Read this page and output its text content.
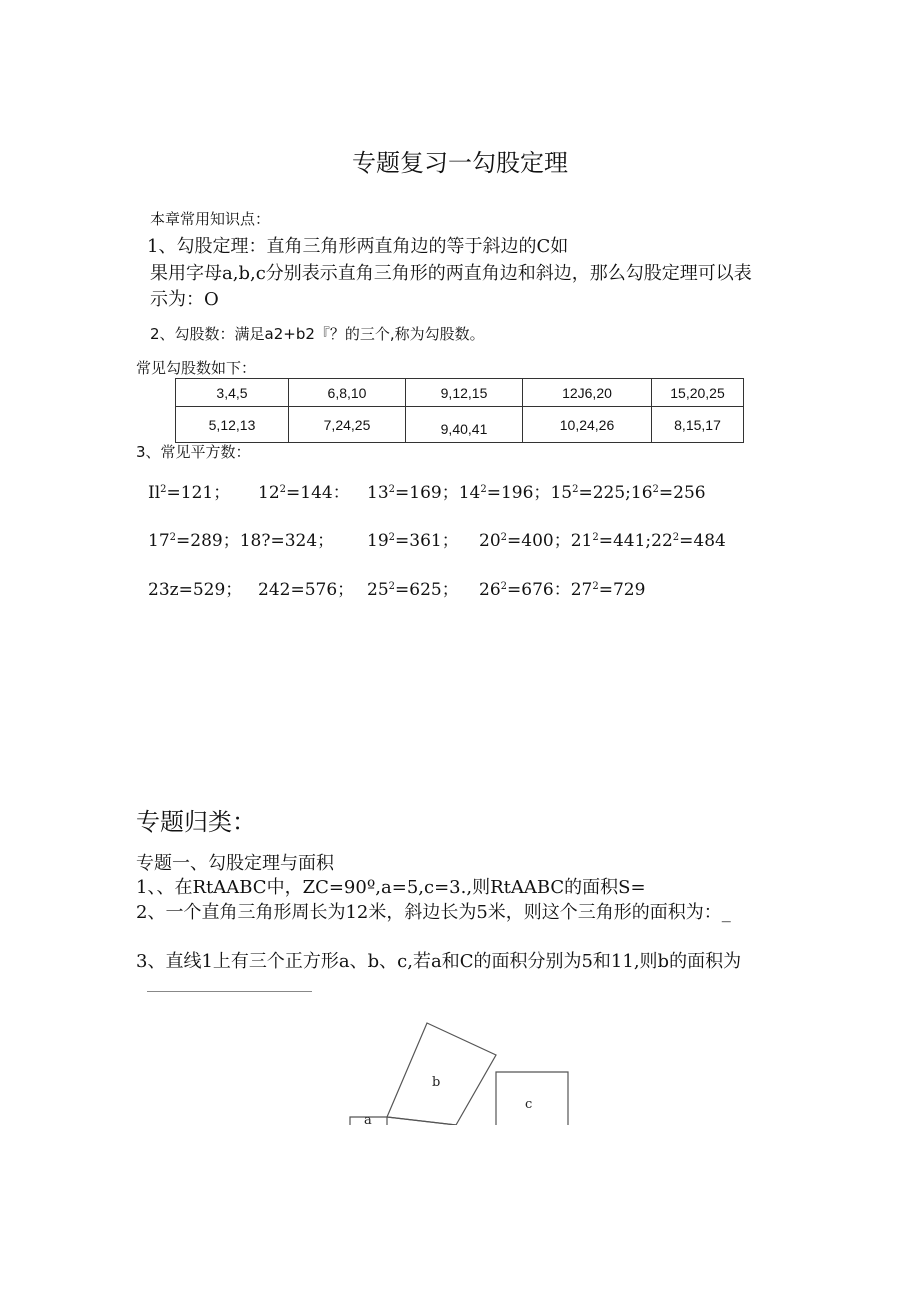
专题复习一勾股定理
本章常用知识点：
1、勾股定理：直角三角形两直角边的等于斜边的C如
果用字母a,b,c分别表示直角三角形的两直角边和斜边，那么勾股定理可以表
示为：O
2、勾股数：满足a2+b2『？的三个,称为勾股数。
常见勾股数如下：
3,4,5	6,8,10	9,12,15	12J6,20	15,20,25
5,12,13	7,24,25	9,40,41	10,24,26	8,15,17
3、常见平方数：
$Il^2=121$； $12^2=144$： $13^2=169$；$14^2=196$；$15^2=225;16^2=256$
$17^2=289$；18?=324； $19^2=361$； $20^2=400$；$21^2=441;22^2=484$
23z=529； 242=576； $25^2=625$； $26^2=676$：$27^2=729$
专题归类：
专题一、勾股定理与面积
1、、在RtAABC中，ZC=90º,a=5,c=3.,则RtAABC的面积S=
2、一个直角三角形周长为12米，斜边长为5米，则这个三角形的面积为：_
3、直线1上有三个正方形a、b、c,若a和C的面积分别为5和11,则b的面积为
a
b
c
